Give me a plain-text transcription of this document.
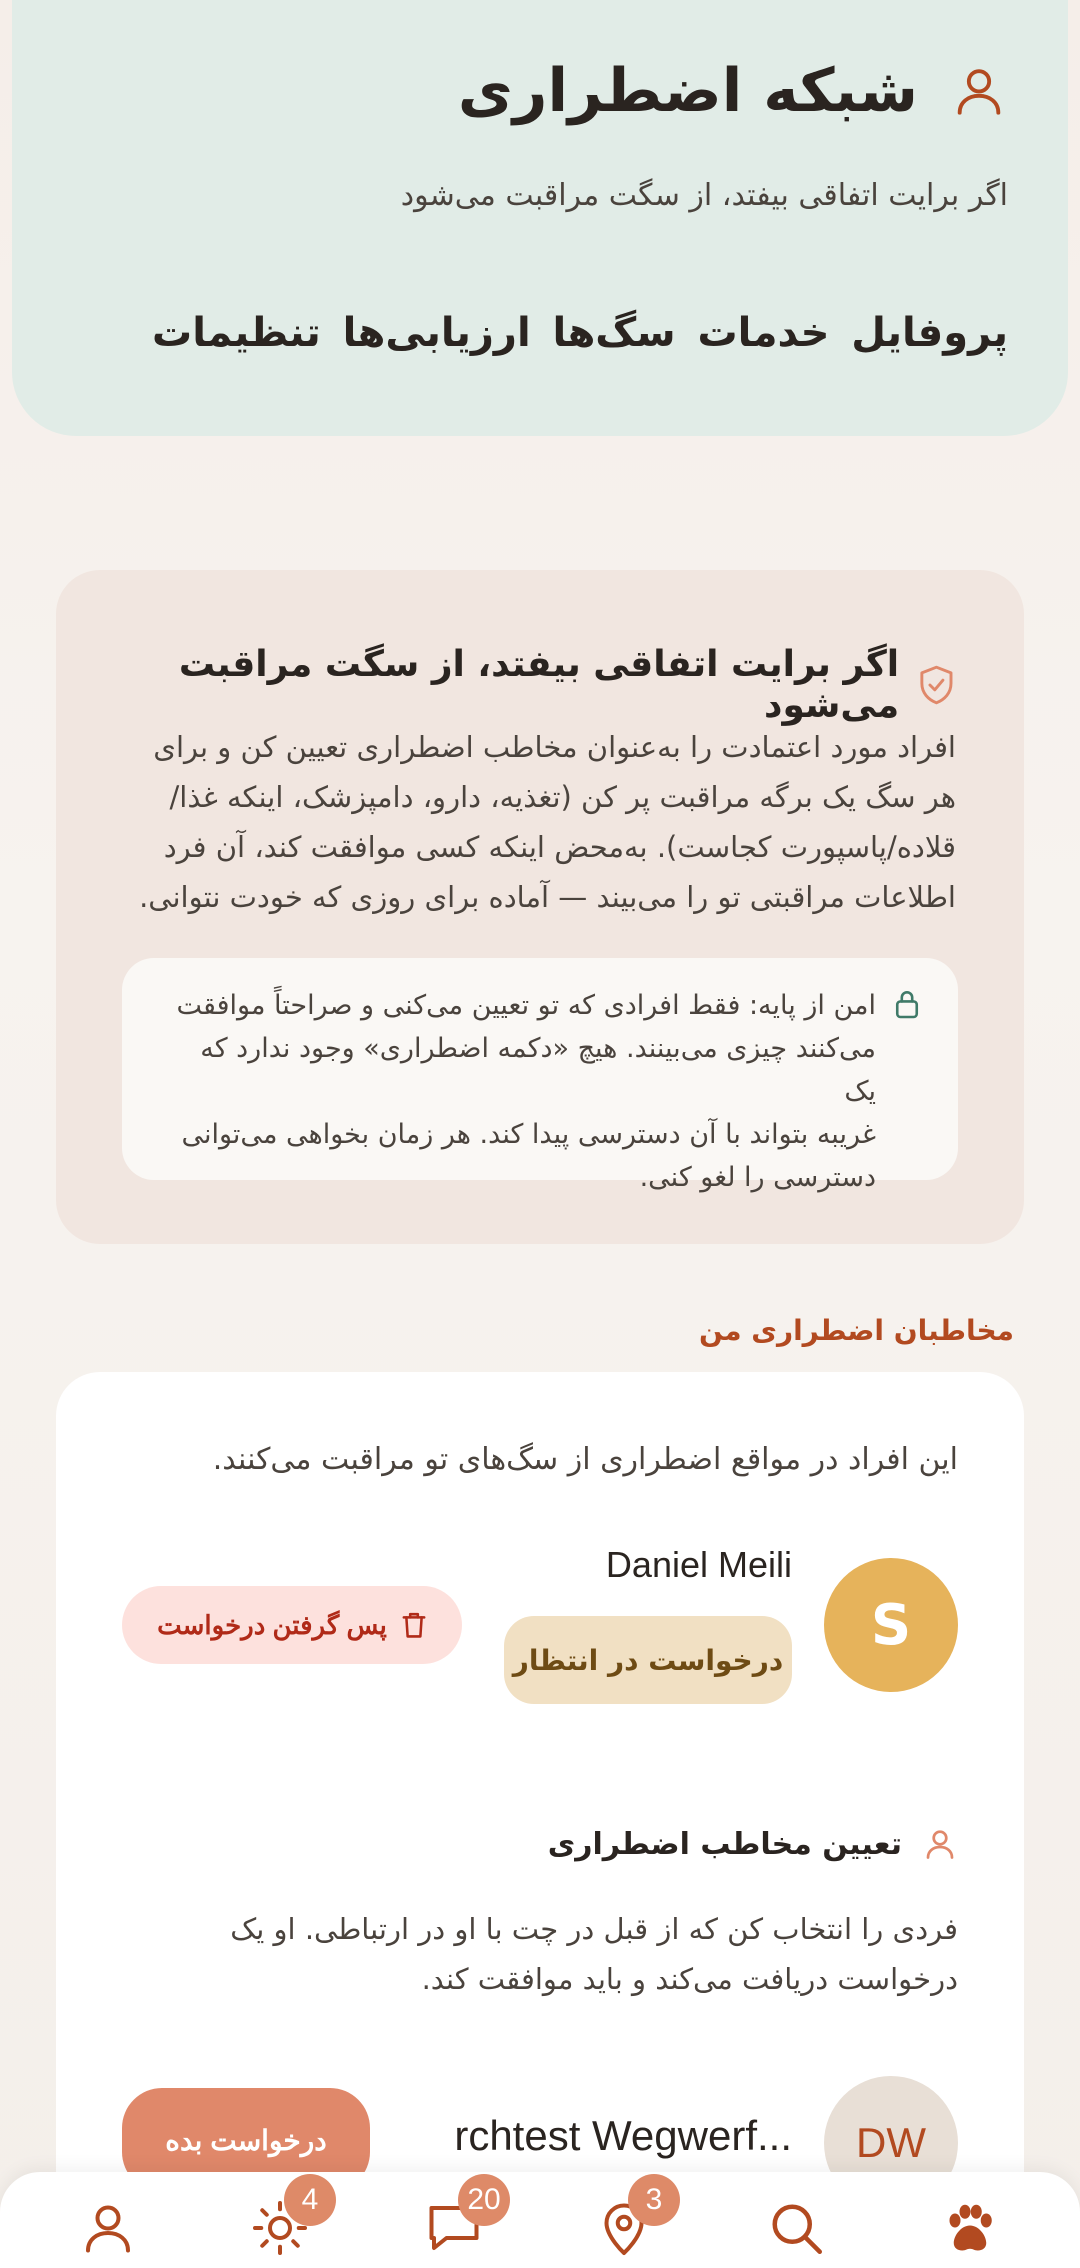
شبکه اضطراری
اگر برایت اتفاقی بیفتد، از سگت مراقبت می‌شود
پروفایل
خدمات
سگ‌ها
ارزیابی‌ها
تنظیمات
اگر برایت اتفاقی بیفتد، از سگت مراقبت می‌شود
افراد مورد اعتمادت را به‌عنوان مخاطب اضطراری تعیین کن و برای
هر سگ یک برگه مراقبت پر کن (تغذیه، دارو، دامپزشک، اینکه غذا/
قلاده/پاسپورت کجاست). به‌محض اینکه کسی موافقت کند، آن فرد
اطلاعات مراقبتی تو را می‌بیند — آماده برای روزی که خودت نتوانی.
امن از پایه: فقط افرادی که تو تعیین می‌کنی و صراحتاً موافقت
می‌کنند چیزی می‌بینند. هیچ «دکمه اضطراری» وجود ندارد که یک
غریبه بتواند با آن دسترسی پیدا کند. هر زمان بخواهی می‌توانی
دسترسی را لغو کنی.
مخاطبان اضطراری من
این افراد در مواقع اضطراری از سگ‌های تو مراقبت می‌کنند.
S
Daniel Meili
درخواست در انتظار
پس گرفتن درخواست
تعیین مخاطب اضطراری
فردی را انتخاب کن که از قبل در چت با او در ارتباطی. او یک
درخواست دریافت می‌کند و باید موافقت کند.
DW
...rchtest Wegwerf
درخواست بده
4	20	3
